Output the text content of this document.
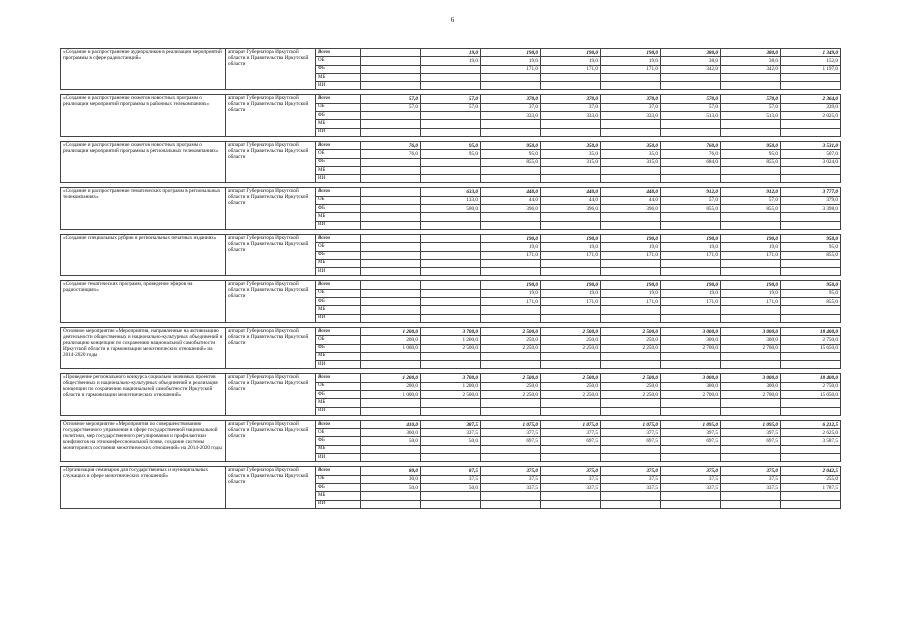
6
«Создание и распространение аудиороликов в реализации мероприятий программы в сфере радиостанций»	аппарат Губернатора Иркутской области и Правительства Иркутской области	Всего		19,0	190,0	190,0	190,0	380,0	380,0	1 349,0
		ОБ		19,0	19,0	19,0	19,0	38,0	38,0	152,0
		ФБ			171,0	171,0	171,0	342,0	342,0	1 197,0
		МБ								
		ИИ								

«Создание и распространение сюжетов новостных программ о реализации мероприятий программы в районных телекомпаниях»	аппарат Губернатора Иркутской области и Правительства Иркутской области	Всего	57,0	57,0	370,0	370,0	370,0	570,0	570,0	2 364,0
		ОБ	57,0	57,0	37,0	37,0	37,0	57,0	57,0	339,0
		ФБ			333,0	333,0	333,0	513,0	513,0	2 025,0
		МБ								
		ИИ								

«Создание и распространение сюжетов новостных программ о реализации мероприятий программы в региональных телекомпаниях»	аппарат Губернатора Иркутской области и Правительства Иркутской области	Всего	76,0	95,0	950,0	350,0	350,0	760,0	950,0	3 531,0
		ОБ	76,0	95,0	95,0	35,0	35,0	76,0	95,0	507,0
		ФБ			855,0	315,0	315,0	684,0	855,0	3 024,0
		МБ								
		ИИ								

«Создание и распространение тематических программ в региональных телекомпаниях»	аппарат Губернатора Иркутской области и Правительства Иркутской области	Всего		633,0	440,0	440,0	440,0	912,0	912,0	3 777,0
		ОБ		133,0	44,0	44,0	44,0	57,0	57,0	379,0
		ФБ		500,0	396,0	396,0	396,0	855,0	855,0	3 398,0
		МБ								
		ИИ								

«Создание специальных рубрик в региональных печатных изданиях»	аппарат Губернатора Иркутской области и Правительства Иркутской области	Всего			190,0	190,0	190,0	190,0	190,0	950,0
		ОБ			19,0	19,0	19,0	19,0	19,0	95,0
		ФБ			171,0	171,0	171,0	171,0	171,0	855,0
		МБ								
		ИИ								

«Создание тематических программ, проведение эфиров на радиостанциях»	аппарат Губернатора Иркутской области и Правительства Иркутской области	Всего			190,0	190,0	190,0	190,0	190,0	950,0
		ОБ			19,0	19,0	19,0	19,0	19,0	95,0
		ФБ			171,0	171,0	171,0	171,0	171,0	855,0
		МБ								
		ИИ								

Основное мероприятие «Мероприятия, направленные на активизацию деятельности общественных и национально-культурных объединений и реализацию концепции по сохранению национальной самобытности Иркутской области и гармонизации межэтнических отношений» на 2014-2020 годы	аппарат Губернатора Иркутской области и Правительства Иркутской области	Всего	1 200,0	3 700,0	2 500,0	2 500,0	2 500,0	3 000,0	3 000,0	18 400,0
		ОБ	200,0	1 200,0	250,0	250,0	250,0	300,0	300,0	2 750,0
		ФБ	1 000,0	2 500,0	2 250,0	2 250,0	2 250,0	2 700,0	2 700,0	15 650,0
		МБ								
		ИИ								

«Проведение регионального конкурса социально значимых проектов общественных и национально-культурных объединений и реализация концепции по сохранению национальной самобытности Иркутской области и гармонизации межэтнических отношений»	аппарат Губернатора Иркутской области и Правительства Иркутской области	Всего	1 200,0	3 700,0	2 500,0	2 500,0	2 500,0	3 000,0	3 000,0	18 400,0
		ОБ	200,0	1 200,0	250,0	250,0	250,0	300,0	300,0	2 750,0
		ФБ	1 000,0	2 500,0	2 250,0	2 250,0	2 250,0	2 700,0	2 700,0	15 650,0
		МБ								
		ИИ								

Основное мероприятие «Мероприятия по совершенствованию государственного управления в сфере государственной национальной политики, мер государственного регулирования и профилактики конфликтов на этноконфессиональной почве, создание системы мониторинга состояния межэтнических отношений» на 2014-2020 годы	аппарат Губернатора Иркутской области и Правительства Иркутской области	Всего	410,0	387,5	1 075,0	1 075,0	1 075,0	1 095,0	1 095,0	6 212,5
		ОБ	360,0	337,5	377,5	377,5	377,5	397,5	397,5	2 625,0
		ФБ	50,0	50,0	697,5	697,5	697,5	697,5	697,5	3 587,5
		МБ								
		ИИ								

«Организация семинаров для государственных и муниципальных служащих в сфере межэтнических отношений»	аппарат Губернатора Иркутской области и Правительства Иркутской области	Всего	80,0	87,5	375,0	375,0	375,0	375,0	375,0	2 042,5
		ОБ	30,0	37,5	37,5	37,5	37,5	37,5	37,5	255,0
		ФБ	50,0	50,0	337,5	337,5	337,5	337,5	337,5	1 787,5
		МБ								
		ИИ								
